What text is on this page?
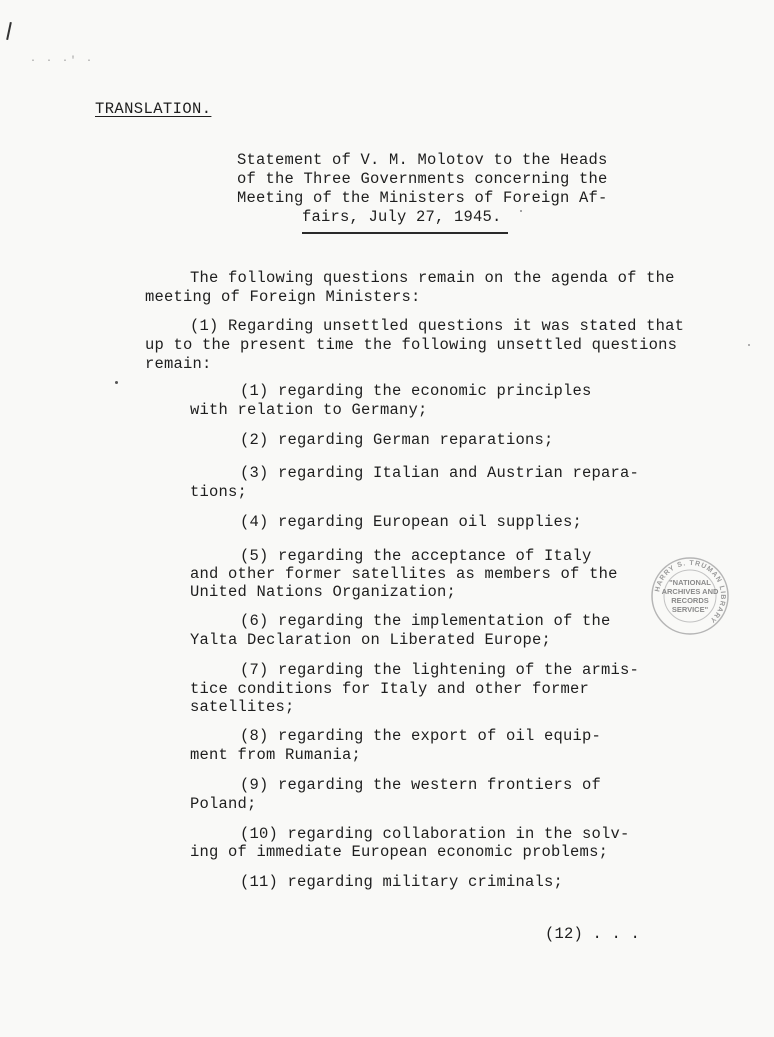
· · ·' ·
TRANSLATION.
Statement of V. M. Molotov to the Heads
of the Three Governments concerning the
Meeting of the Ministers of Foreign Af-
fairs, July 27, 1945.
The following questions remain on the agenda of the
meeting of Foreign Ministers:
(1) Regarding unsettled questions it was stated that
up to the present time the following unsettled questions
remain:
(1) regarding the economic principles
with relation to Germany;
(2) regarding German reparations;
(3) regarding Italian and Austrian repara-
tions;
(4) regarding European oil supplies;
(5) regarding the acceptance of Italy
and other former satellites as members of the
United Nations Organization;
(6) regarding the implementation of the
Yalta Declaration on Liberated Europe;
(7) regarding the lightening of the armis-
tice conditions for Italy and other former
satellites;
(8) regarding the export of oil equip-
ment from Rumania;
(9) regarding the western frontiers of
Poland;
(10) regarding collaboration in the solv-
ing of immediate European economic problems;
(11) regarding military criminals;
(12) . . .
HARRY S. TRUMAN LIBRARY
"NATIONAL
ARCHIVES AND
RECORDS
SERVICE"
